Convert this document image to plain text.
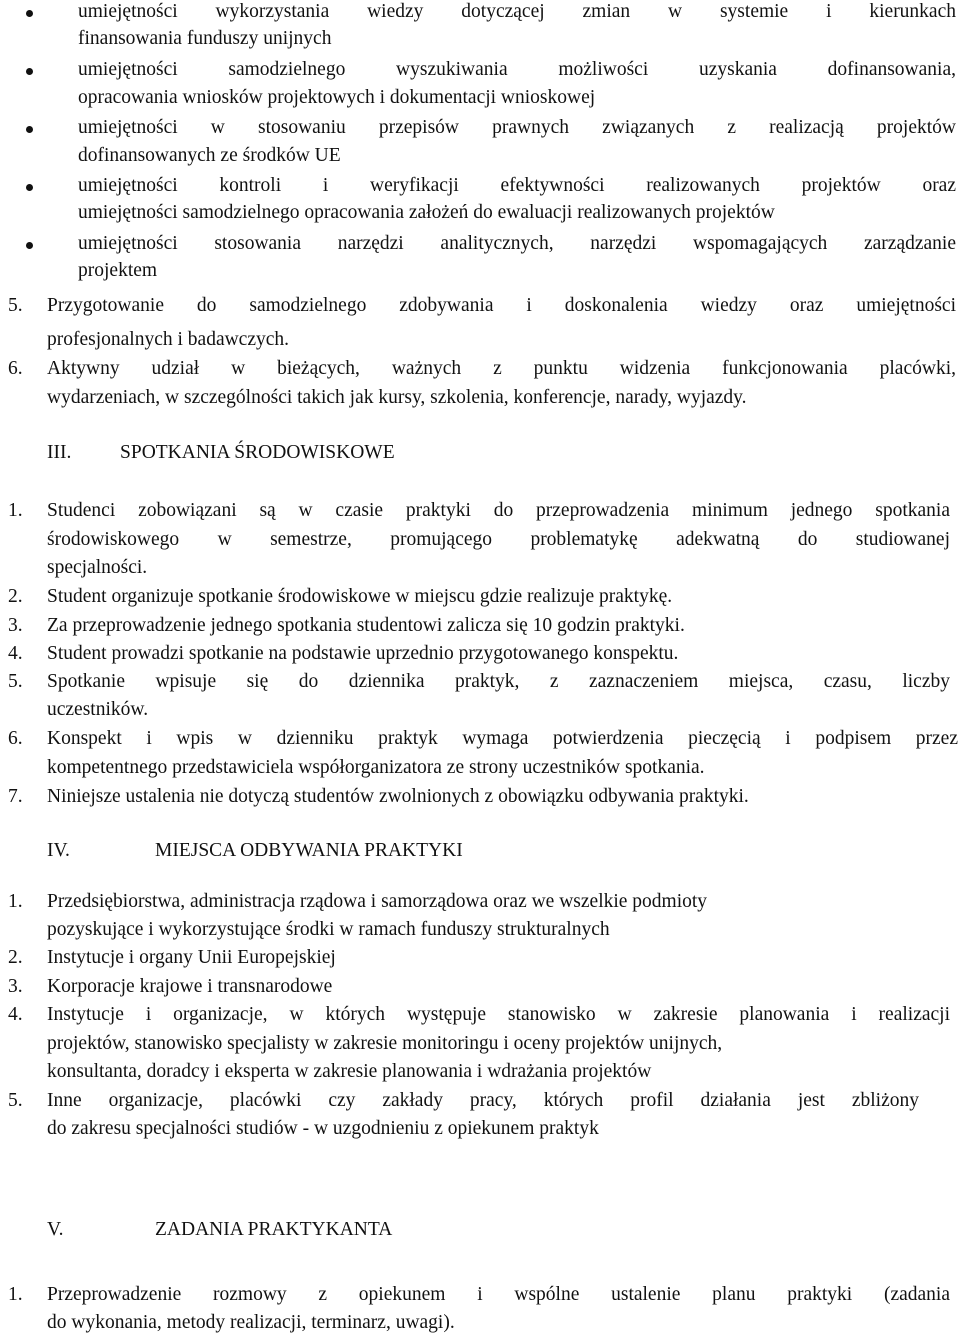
umiejętności wykorzystania wiedzy dotyczącej zmian w systemie i kierunkach
finansowania funduszy unijnych
umiejętności samodzielnego wyszukiwania możliwości uzyskania dofinansowania,
opracowania wniosków projektowych i dokumentacji wnioskowej
umiejętności w stosowaniu przepisów prawnych związanych z realizacją projektów
dofinansowanych ze środków UE
umiejętności kontroli i weryfikacji efektywności realizowanych projektów oraz
umiejętności samodzielnego opracowania założeń do ewaluacji realizowanych projektów
umiejętności stosowania narzędzi analitycznych, narzędzi wspomagających zarządzanie
projektem
5. Przygotowanie do samodzielnego zdobywania i doskonalenia wiedzy oraz umiejętności
profesjonalnych i badawczych.
6. Aktywny udział w bieżących, ważnych z punktu widzenia funkcjonowania placówki,
wydarzeniach, w szczególności takich jak kursy, szkolenia, konferencje, narady, wyjazdy.
III. SPOTKANIA ŚRODOWISKOWE
1. Studenci zobowiązani są w czasie praktyki do przeprowadzenia minimum jednego spotkania
środowiskowego w semestrze, promującego problematykę adekwatną do studiowanej
specjalności.
2. Student organizuje spotkanie środowiskowe w miejscu gdzie realizuje praktykę.
3. Za przeprowadzenie jednego spotkania studentowi zalicza się 10 godzin praktyki.
4. Student prowadzi spotkanie na podstawie uprzednio przygotowanego konspektu.
5. Spotkanie wpisuje się do dziennika praktyk, z zaznaczeniem miejsca, czasu, liczby
uczestników.
6. Konspekt i wpis w dzienniku praktyk wymaga potwierdzenia pieczęcią i podpisem przez
kompetentnego przedstawiciela współorganizatora ze strony uczestników spotkania.
7. Niniejsze ustalenia nie dotyczą studentów zwolnionych z obowiązku odbywania praktyki.
IV.	MIEJSCA ODBYWANIA PRAKTYKI
1. Przedsiębiorstwa, administracja rządowa i samorządowa oraz we wszelkie podmioty
pozyskujące i wykorzystujące środki w ramach funduszy strukturalnych
2. Instytucje i organy Unii Europejskiej
3. Korporacje krajowe i transnarodowe
4. Instytucje i organizacje, w których występuje stanowisko w zakresie planowania i realizacji
projektów, stanowisko specjalisty w zakresie monitoringu i oceny projektów unijnych,
konsultanta, doradcy i eksperta w zakresie planowania i wdrażania projektów
5. Inne organizacje, placówki czy zakłady pracy, których profil działania jest zbliżony
do zakresu specjalności studiów - w uzgodnieniu z opiekunem praktyk
V.	ZADANIA PRAKTYKANTA
1. Przeprowadzenie rozmowy z opiekunem i wspólne ustalenie planu praktyki (zadania
do wykonania, metody realizacji, terminarz, uwagi).
